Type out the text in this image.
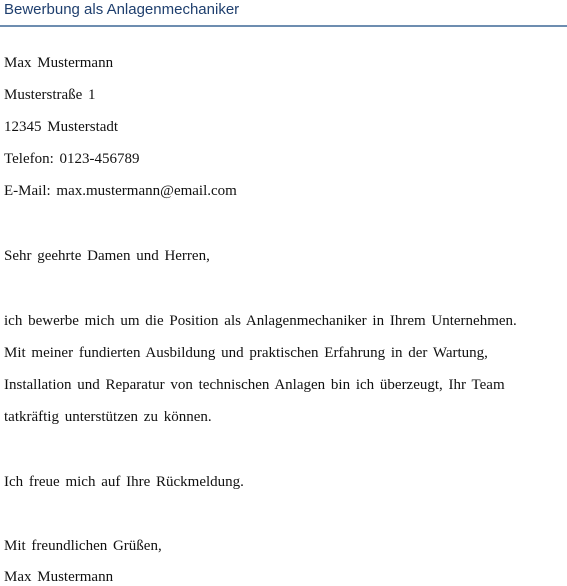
Bewerbung als Anlagenmechaniker
Max Mustermann
Musterstraße 1
12345 Musterstadt
Telefon: 0123-456789
E-Mail: max.mustermann@email.com
Sehr geehrte Damen und Herren,
ich bewerbe mich um die Position als Anlagenmechaniker in Ihrem Unternehmen.
Mit meiner fundierten Ausbildung und praktischen Erfahrung in der Wartung,
Installation und Reparatur von technischen Anlagen bin ich überzeugt, Ihr Team
tatkräftig unterstützen zu können.
Ich freue mich auf Ihre Rückmeldung.
Mit freundlichen Grüßen,
Max Mustermann
